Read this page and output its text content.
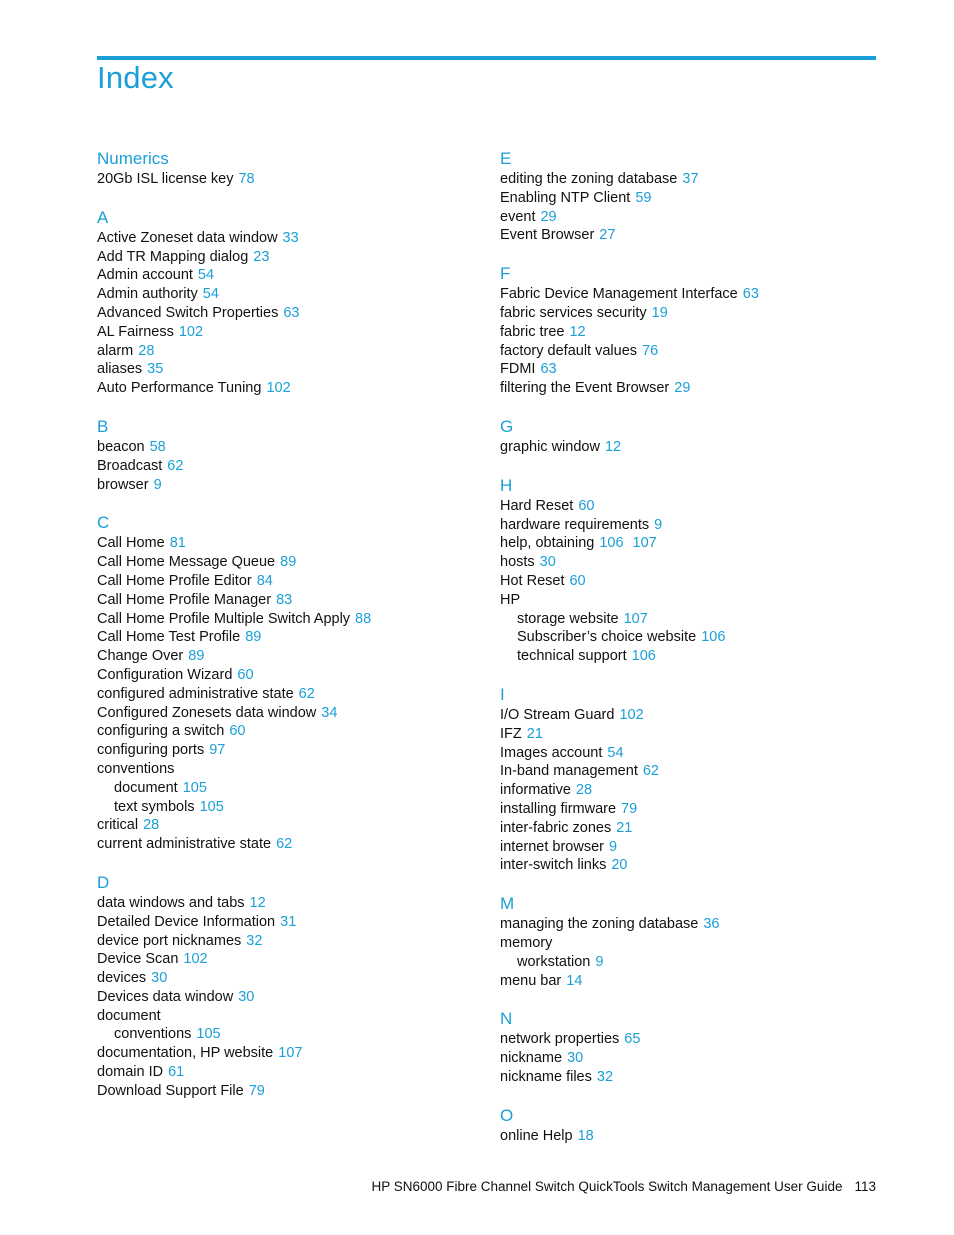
Index
Numerics
20Gb ISL license key 78
A
Active Zoneset data window 33
Add TR Mapping dialog 23
Admin account 54
Admin authority 54
Advanced Switch Properties 63
AL Fairness 102
alarm 28
aliases 35
Auto Performance Tuning 102
B
beacon 58
Broadcast 62
browser 9
C
Call Home 81
Call Home Message Queue 89
Call Home Profile Editor 84
Call Home Profile Manager 83
Call Home Profile Multiple Switch Apply 88
Call Home Test Profile 89
Change Over 89
Configuration Wizard 60
configured administrative state 62
Configured Zonesets data window 34
configuring a switch 60
configuring ports 97
conventions
document 105
text symbols 105
critical 28
current administrative state 62
D
data windows and tabs 12
Detailed Device Information 31
device port nicknames 32
Device Scan 102
devices 30
Devices data window 30
document
conventions 105
documentation, HP website 107
domain ID 61
Download Support File 79
E
editing the zoning database 37
Enabling NTP Client 59
event 29
Event Browser 27
F
Fabric Device Management Interface 63
fabric services security 19
fabric tree 12
factory default values 76
FDMI 63
filtering the Event Browser 29
G
graphic window 12
H
Hard Reset 60
hardware requirements 9
help, obtaining 106 107
hosts 30
Hot Reset 60
HP
storage website 107
Subscriber’s choice website 106
technical support 106
I
I/O Stream Guard 102
IFZ 21
Images account 54
In-band management 62
informative 28
installing firmware 79
inter-fabric zones 21
internet browser 9
inter-switch links 20
M
managing the zoning database 36
memory
workstation 9
menu bar 14
N
network properties 65
nickname 30
nickname files 32
O
online Help 18
HP SN6000 Fibre Channel Switch QuickTools Switch Management User Guide 113
